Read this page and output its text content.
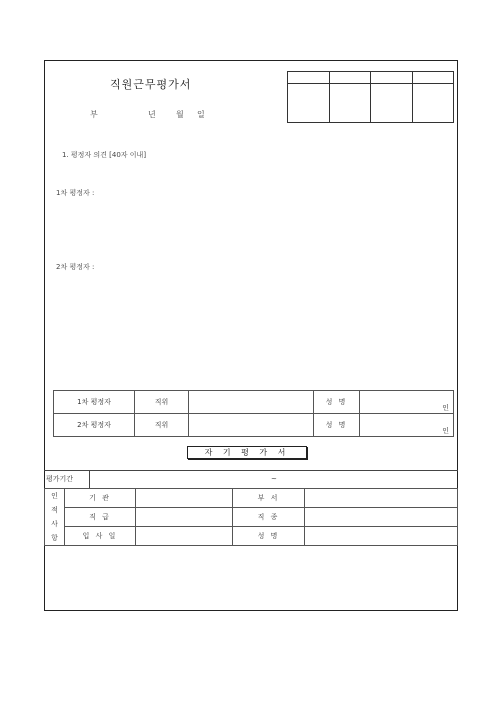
직원근무평가서

부	년	월 일
1. 평정자 의견 [40자 이내]
1차 평정자 :
2차 평정자 :
1차 평정자	직위		성 명	인
2차 평정자	직위		성 명	인
자 기 평 가 서
평가기간	~
인
적
사
항	기 관		부 서	
	직 급		직 종	
	입 사 일		성 명	
